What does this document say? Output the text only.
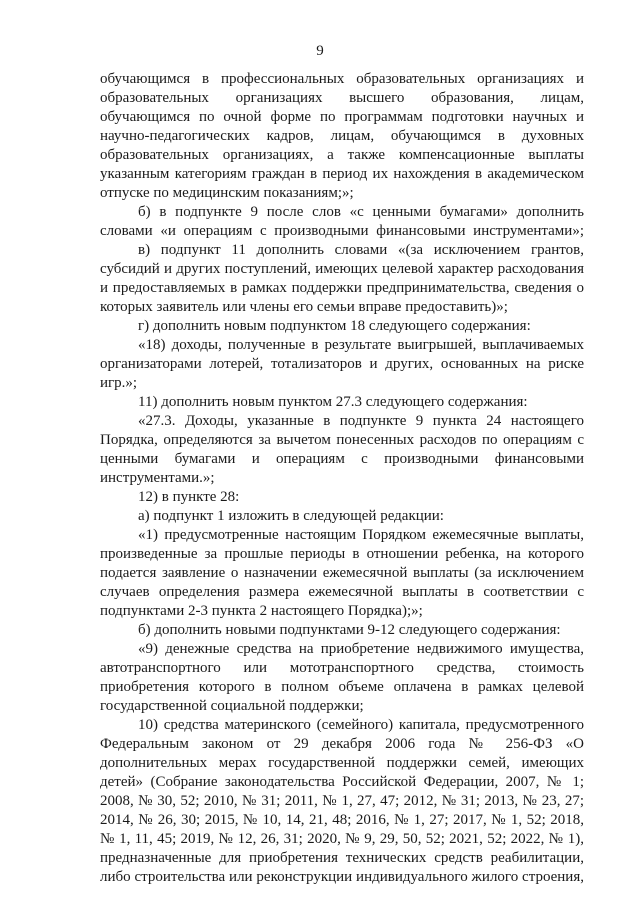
9
обучающимся в профессиональных образовательных организациях и
образовательных организациях высшего образования, лицам,
обучающимся по очной форме по программам подготовки научных и
научно-педагогических кадров, лицам, обучающимся в духовных
образовательных организациях, а также компенсационные выплаты
указанным категориям граждан в период их нахождения в академическом
отпуске по медицинским показаниям;»;
б) в подпункте 9 после слов «с ценными бумагами» дополнить
словами «и операциям с производными финансовыми инструментами»;
в) подпункт 11 дополнить словами «(за исключением грантов,
субсидий и других поступлений, имеющих целевой характер расходования
и предоставляемых в рамках поддержки предпринимательства, сведения о
которых заявитель или члены его семьи вправе предоставить)»;
г) дополнить новым подпунктом 18 следующего содержания:
«18) доходы, полученные в результате выигрышей, выплачиваемых
организаторами лотерей, тотализаторов и других, основанных на риске
игр.»;
11) дополнить новым пунктом 27.3 следующего содержания:
«27.3. Доходы, указанные в подпункте 9 пункта 24 настоящего
Порядка, определяются за вычетом понесенных расходов по операциям с
ценными бумагами и операциям с производными финансовыми
инструментами.»;
12) в пункте 28:
а) подпункт 1 изложить в следующей редакции:
«1) предусмотренные настоящим Порядком ежемесячные выплаты,
произведенные за прошлые периоды в отношении ребенка, на которого
подается заявление о назначении ежемесячной выплаты (за исключением
случаев определения размера ежемесячной выплаты в соответствии с
подпунктами 2-3 пункта 2 настоящего Порядка);»;
б) дополнить новыми подпунктами 9-12 следующего содержания:
«9) денежные средства на приобретение недвижимого имущества,
автотранспортного или мототранспортного средства, стоимость
приобретения которого в полном объеме оплачена в рамках целевой
государственной социальной поддержки;
10) средства материнского (семейного) капитала, предусмотренного
Федеральным законом от 29 декабря 2006 года № 256-ФЗ «О
дополнительных мерах государственной поддержки семей, имеющих
детей» (Собрание законодательства Российской Федерации, 2007, № 1;
2008, № 30, 52; 2010, № 31; 2011, № 1, 27, 47; 2012, № 31; 2013, № 23, 27;
2014, № 26, 30; 2015, № 10, 14, 21, 48; 2016, № 1, 27; 2017, № 1, 52; 2018,
№ 1, 11, 45; 2019, № 12, 26, 31; 2020, № 9, 29, 50, 52; 2021, 52; 2022, № 1),
предназначенные для приобретения технических средств реабилитации,
либо строительства или реконструкции индивидуального жилого строения,
